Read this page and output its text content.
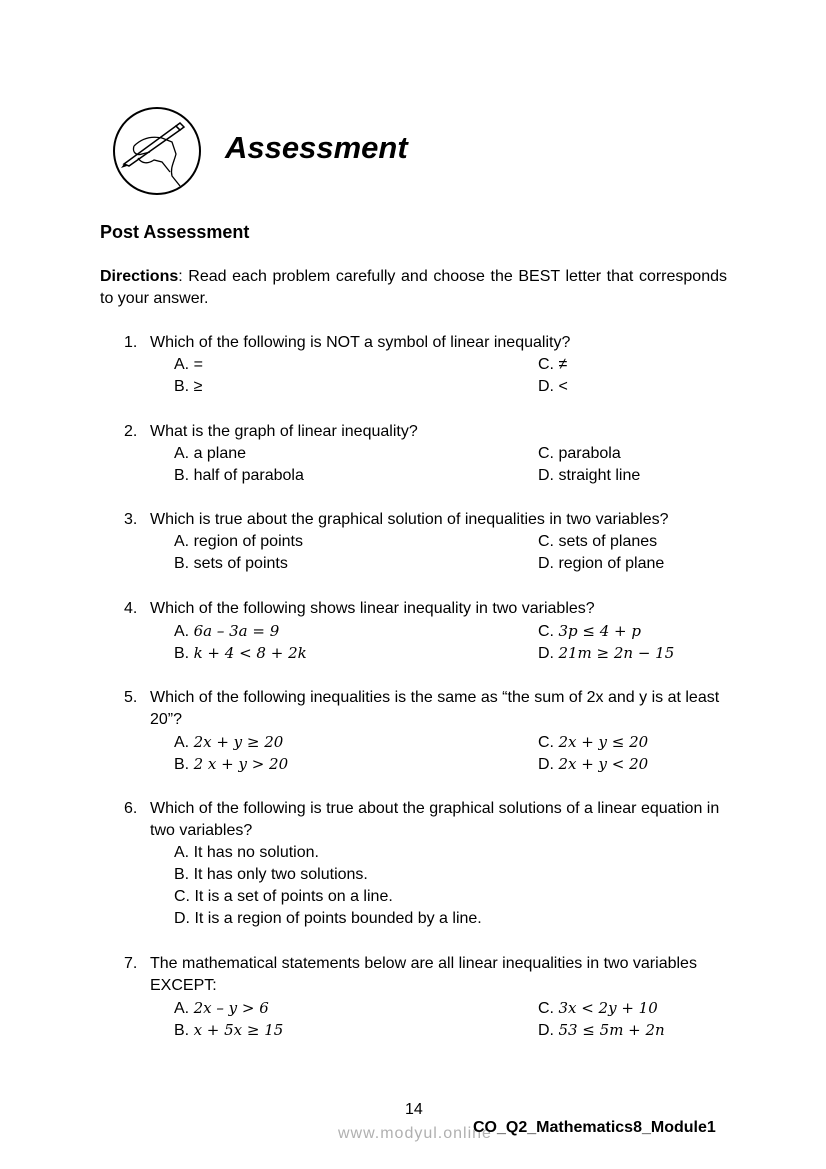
Assessment
Post Assessment
Directions: Read each problem carefully and choose the BEST letter that corresponds to your answer.
1. Which of the following is NOT a symbol of linear inequality?
A. =
B. ≥
C. ≠
D. <
2. What is the graph of linear inequality?
A. a plane
B. half of parabola
C. parabola
D. straight line
3. Which is true about the graphical solution of inequalities in two variables?
A. region of points
B. sets of points
C. sets of planes
D. region of plane
4. Which of the following shows linear inequality in two variables?
A. 6a – 3a = 9
B. k + 4 < 8 + 2k
C. 3p ≤ 4 + p
D. 21m ≥ 2n − 15
5. Which of the following inequalities is the same as “the sum of 2x and y is at least 20”?
A. 2x + y ≥ 20
B. 2 x + y > 20
C. 2x + y ≤ 20
D. 2x + y < 20
6. Which of the following is true about the graphical solutions of a linear equation in two variables?
A. It has no solution.
B. It has only two solutions.
C. It is a set of points on a line.
D. It is a region of points bounded by a line.
7. The mathematical statements below are all linear inequalities in two variables EXCEPT:
A. 2x – y > 6
B. x + 5x ≥ 15
C. 3x < 2y + 10
D. 53 ≤ 5m + 2n
14
www.modyul.online
CO_Q2_Mathematics8_Module1
